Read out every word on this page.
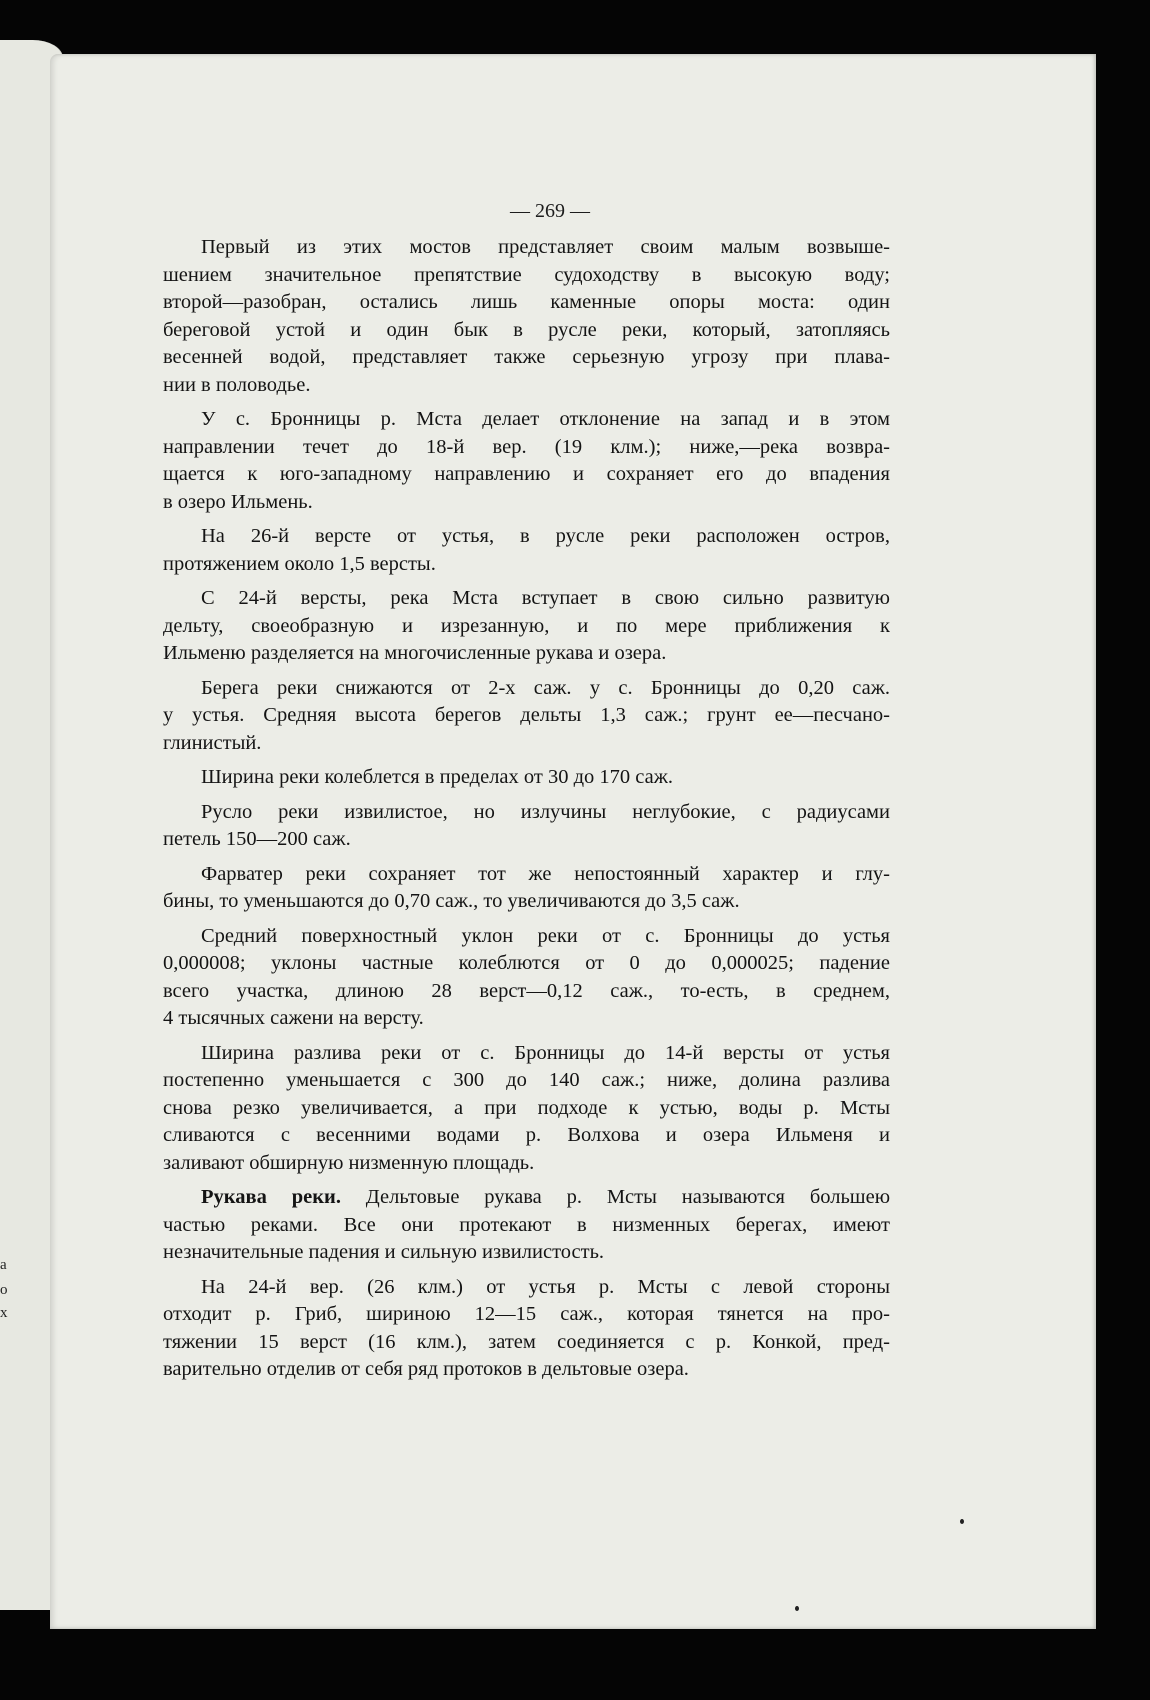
а
о
х
— 269 —
Первый из этих мостов представляет своим малым возвыше-
шением значительное препятствие судоходству в высокую воду;
второй—разобран, остались лишь каменные опоры моста: один
береговой устой и один бык в русле реки, который, затопляясь
весенней водой, представляет также серьезную угрозу при плава-
нии в половодье.
У с. Бронницы р. Мста делает отклонение на запад и в этом
направлении течет до 18-й вер. (19 клм.); ниже,—река возвра-
щается к юго-западному направлению и сохраняет его до впадения
в озеро Ильмень.
На 26-й версте от устья, в русле реки расположен остров,
протяжением около 1,5 версты.
С 24-й версты, река Мста вступает в свою сильно развитую
дельту, своеобразную и изрезанную, и по мере приближения к
Ильменю разделяется на многочисленные рукава и озера.
Берега реки снижаются от 2-х саж. у с. Бронницы до 0,20 саж.
у устья. Средняя высота берегов дельты 1,3 саж.; грунт ее—песчано-
глинистый.
Ширина реки колеблется в пределах от 30 до 170 саж.
Русло реки извилистое, но излучины неглубокие, с радиусами
петель 150—200 саж.
Фарватер реки сохраняет тот же непостоянный характер и глу-
бины, то уменьшаются до 0,70 саж., то увеличиваются до 3,5 саж.
Средний поверхностный уклон реки от с. Бронницы до устья
0,000008; уклоны частные колеблются от 0 до 0,000025; падение
всего участка, длиною 28 верст—0,12 саж., то-есть, в среднем,
4 тысячных сажени на версту.
Ширина разлива реки от с. Бронницы до 14-й версты от устья
постепенно уменьшается с 300 до 140 саж.; ниже, долина разлива
снова резко увеличивается, а при подходе к устью, воды р. Мсты
сливаются с весенними водами р. Волхова и озера Ильменя и
заливают обширную низменную площадь.
Рукава реки. Дельтовые рукава р. Мсты называются большею
частью реками. Все они протекают в низменных берегах, имеют
незначительные падения и сильную извилистость.
На 24-й вер. (26 клм.) от устья р. Мсты с левой стороны
отходит р. Гриб, шириною 12—15 саж., которая тянется на про-
тяжении 15 верст (16 клм.), затем соединяется с р. Конкой, пред-
варительно отделив от себя ряд протоков в дельтовые озера.
